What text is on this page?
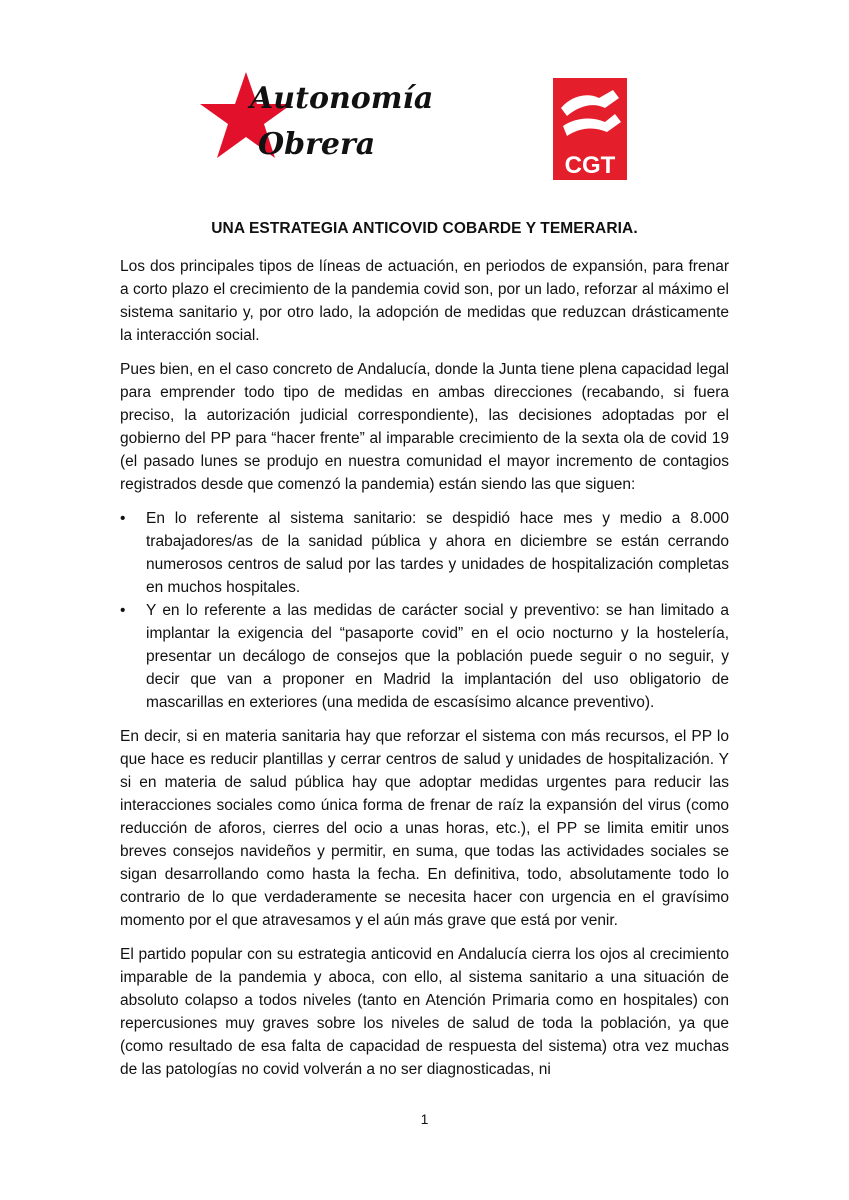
Autonomía
Obrera
CGT
UNA ESTRATEGIA ANTICOVID COBARDE Y TEMERARIA.

Los dos principales tipos de líneas de actuación, en periodos de expansión, para frenar a corto plazo el crecimiento de la pandemia covid son, por un lado, reforzar al máximo el sistema sanitario y, por otro lado, la adopción de medidas que reduzcan drásticamente la interacción social.

Pues bien, en el caso concreto de Andalucía, donde la Junta tiene plena capacidad legal para emprender todo tipo de medidas en ambas direcciones (recabando, si fuera preciso, la autorización judicial correspondiente), las decisiones adoptadas por el gobierno del PP para “hacer frente” al imparable crecimiento de la sexta ola de covid 19 (el pasado lunes se produjo en nuestra comunidad el mayor incremento de contagios registrados desde que comenzó la pandemia) están siendo las que siguen:

• En lo referente al sistema sanitario: se despidió hace mes y medio a 8.000 trabajadores/as de la sanidad pública y ahora en diciembre se están cerrando numerosos centros de salud por las tardes y unidades de hospitalización completas en muchos hospitales.
• Y en lo referente a las medidas de carácter social y preventivo: se han limitado a implantar la exigencia del “pasaporte covid” en el ocio nocturno y la hostelería, presentar un decálogo de consejos que la población puede seguir o no seguir, y decir que van a proponer en Madrid la implantación del uso obligatorio de mascarillas en exteriores (una medida de escasísimo alcance preventivo).

En decir, si en materia sanitaria hay que reforzar el sistema con más recursos, el PP lo que hace es reducir plantillas y cerrar centros de salud y unidades de hospitalización. Y si en materia de salud pública hay que adoptar medidas urgentes para reducir las interacciones sociales como única forma de frenar de raíz la expansión del virus (como reducción de aforos, cierres del ocio a unas horas, etc.), el PP se limita emitir unos breves consejos navideños y permitir, en suma, que todas las actividades sociales se sigan desarrollando como hasta la fecha. En definitiva, todo, absolutamente todo lo contrario de lo que verdaderamente se necesita hacer con urgencia en el gravísimo momento por el que atravesamos y el aún más grave que está por venir.

El partido popular con su estrategia anticovid en Andalucía cierra los ojos al crecimiento imparable de la pandemia y aboca, con ello, al sistema sanitario a una situación de absoluto colapso a todos niveles (tanto en Atención Primaria como en hospitales) con repercusiones muy graves sobre los niveles de salud de toda la población, ya que (como resultado de esa falta de capacidad de respuesta del sistema) otra vez muchas de las patologías no covid volverán a no ser diagnosticadas, ni

1
